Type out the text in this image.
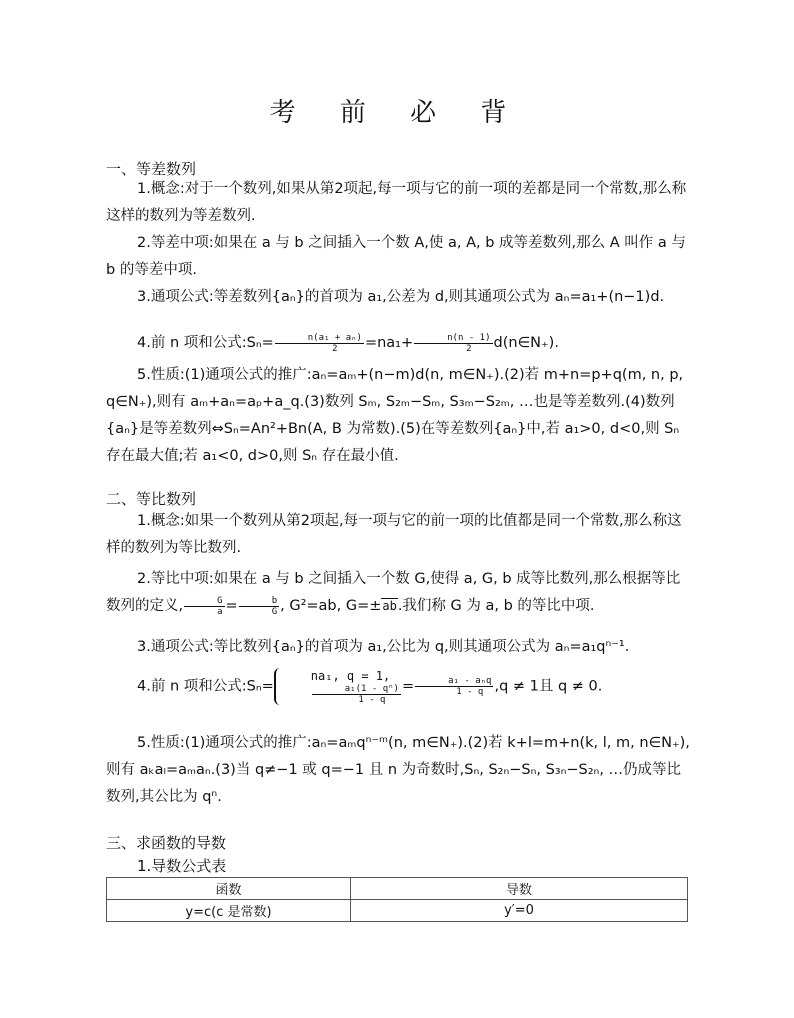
考 前 必 背
一、等差数列
1.概念:对于一个数列,如果从第2项起,每一项与它的前一项的差都是同一个常数,那么称这样的数列为等差数列.
2.等差中项:如果在 a 与 b 之间插入一个数 A,使 a, A, b 成等差数列,那么 A 叫作 a 与 b 的等差中项.
3.通项公式:等差数列{aₙ}的首项为 a₁,公差为 d,则其通项公式为 aₙ=a₁+(n−1)d.
4.前 n 项和公式:Sₙ= $\frac{\text{n(a₁ + aₙ)}}{2} =na_1+ \frac{n(n - 1)}{2}$ d(n∈N₊).
5.性质:(1)通项公式的推广:aₙ=aₘ+(n−m)d(n, m∈N₊).(2)若 m+n=p+q(m, n, p, q∈N₊),则有 aₘ+aₙ=aₚ+a_q.(3)数列 Sₘ, S₂ₘ−Sₘ, S₃ₘ−S₂ₘ, …也是等差数列.(4)数列{aₙ}是等差数列⇔Sₙ=An²+Bn(A, B 为常数).(5)在等差数列{aₙ}中,若 a₁>0, d<0,则 Sₙ 存在最大值;若 a₁<0, d>0,则 Sₙ 存在最小值.
二、等比数列
1.概念:如果一个数列从第2项起,每一项与它的前一项的比值都是同一个常数,那么称这样的数列为等比数列.
2.等比中项:如果在 a 与 b 之间插入一个数 G,使得 a, G, b 成等比数列,那么根据等比数列的定义, $\frac{G}{a} = \frac{b}{G}$ , G²=ab, G=±ab.我们称 G 为 a, b 的等比中项.
3.通项公式:等比数列{aₙ}的首项为 a₁,公比为 q,则其通项公式为 aₙ=a₁qⁿ⁻¹.
4.前 n 项和公式:Sₙ=
na₁, q = 1,
$\frac{\text{a₁(1 - qⁿ)}}{1 - q} = \frac{\text{a₁ - aₙq}}{1 - q} ,q \ne 1$且 q ≠ 0.
5.性质:(1)通项公式的推广:aₙ=aₘqⁿ⁻ᵐ(n, m∈N₊).(2)若 k+l=m+n(k, l, m, n∈N₊),则有 aₖaₗ=aₘaₙ.(3)当 q≠−1 或 q=−1 且 n 为奇数时,Sₙ, S₂ₙ−Sₙ, S₃ₙ−S₂ₙ, …仍成等比数列,其公比为 qⁿ.
三、求函数的导数
1.导数公式表
函数	导数
y=c(c 是常数)	y′=0
